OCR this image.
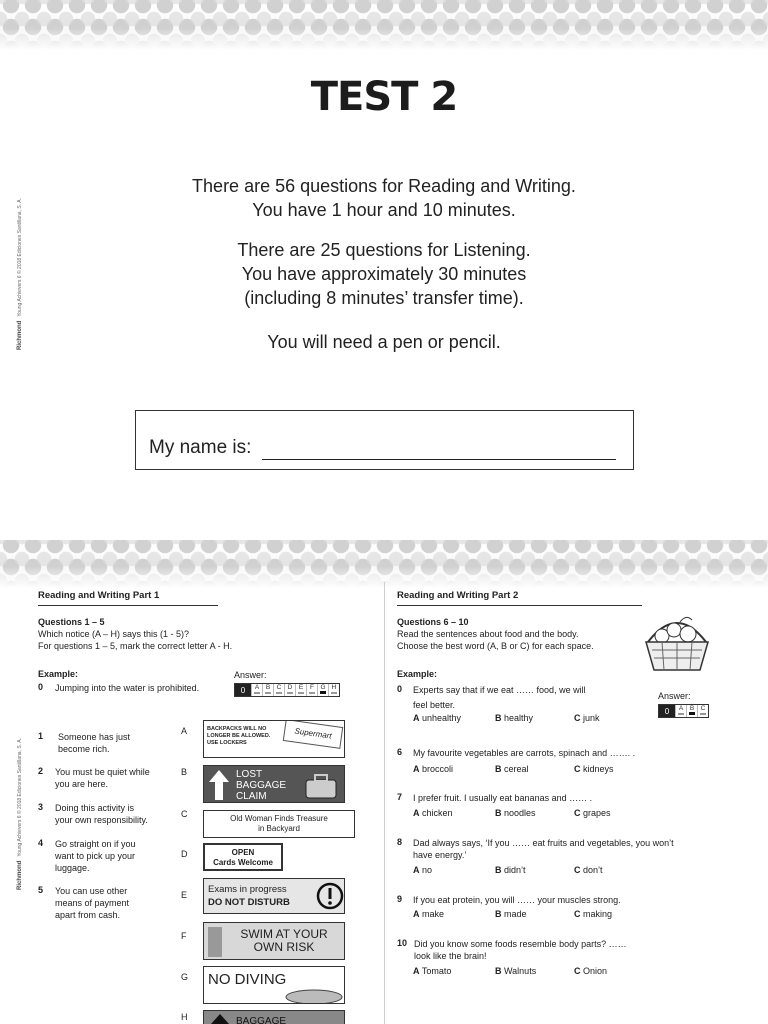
TEST 2
There are 56 questions for Reading and Writing.
You have 1 hour and 10 minutes.
There are 25 questions for Listening.
You have approximately 30 minutes
(including 8 minutes’ transfer time).
You will need a pen or pencil.
My name is:
RichmondYoung Achievers 6 © 2018 Ediciones Santillana, S. A.
RichmondYoung Achievers 6 © 2018 Ediciones Santillana, S. A.
Reading and Writing Part 1
Questions 1 – 5
Which notice (A – H) says this (1 - 5)?
For questions 1 – 5, mark the correct letter A - H.
Example:	Answer:
0 Jumping into the water is prohibited.	0	A	B C D E	F G H
1 Someone has just
become rich.
2 You must be quiet while
you are here.
3 Doing this activity is
your own responsibility.
4 Go straight on if you
want to pick up your
luggage.
5 You can use other
means of payment
apart from cash.
A	BACKPACKS WILL NO
LONGER BE ALLOWED.
USE LOCKERS
Supermart
B	LOST
BAGGAGE
CLAIM
C	Old Woman Finds Treasure
in Backyard
D	OPEN
Cards Welcome
E Exams in progress
DO NOT DISTURB
F	SWIM AT YOUR
OWN RISK
G NO DIVING
H	BAGGAGE
Reading and Writing Part 2
Questions 6 – 10
Read the sentences about food and the body.
Choose the best word (A, B or C) for each space.
Example:
Answer:
0	A	B C
0 Experts say that if we eat …… food, we will
feel better.
A unhealthy	B healthy	C junk
6 My favourite vegetables are carrots, spinach and ……. .
A broccoli	B cereal	C kidneys
7 I prefer fruit. I usually eat bananas and …… .
A chicken	B noodles	C grapes
8 Dad always says, ‘If you …… eat fruits and vegetables, you won’t
have energy.’
A no	B didn’t	C don’t
9 If you eat protein, you will …… your muscles strong.
A make	B made	C making
10 Did you know some foods resemble body parts? ……
look like the brain!
A Tomato	B Walnuts	C Onion
